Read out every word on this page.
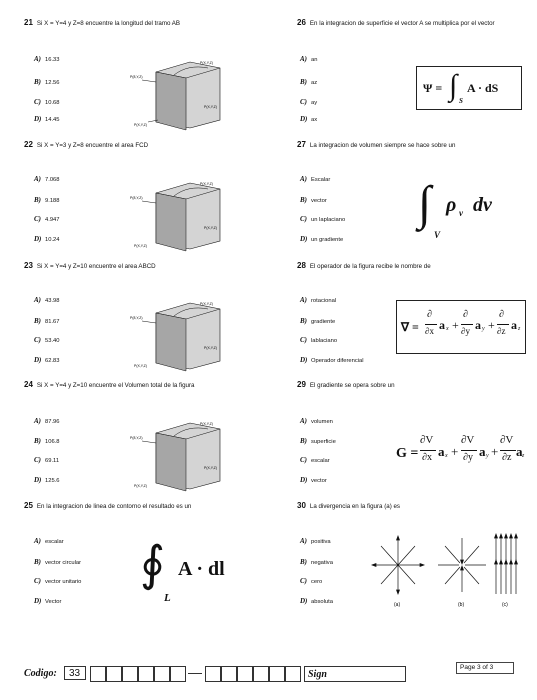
21 Si X = Y=4 y Z=8 encuentre la longitud del tramo AB
A) 16.33
B) 12.56
C) 10.68
D) 14.45
22 Si X = Y=3 y Z=8 encuentre el area FCD
A) 7.068
B) 9.188
C) 4.947
D) 10.24
23 Si X = Y=4 y Z=10 encuentre el area ABCD
A) 43.98
B) 81.67
C) 53.40
D) 62.83
24 Si X = Y=4 y Z=10 encuentre el Volumen total de la figura
A) 87.96
B) 106.8
C) 69.11
D) 125.6
25 En la integracion de linea de contorno el resultado es un
A) escalar
B) vector circular
C) vector unitario
D) Vector
P(8,Y,Z)
P(X,Y,Z)
P(X,Y,Z)
P(X,Y,Z)
P(8,Y,Z)
P(X,Y,Z)
P(X,Y,Z)
P(X,Y,Z)
P(8,Y,Z)
P(X,Y,Z)
P(X,Y,Z)
P(X,Y,Z)
P(8,Y,Z)
P(X,Y,Z)
P(X,Y,Z)
P(X,Y,Z)
∮ A · dl
L
26 En la integracion de superficie el vector A se multiplica por el vector
A) an
B) az
C) ay
D) ax
Ψ = ∫ S
A · dS
27 La integracion de volumen siempre se hace sobre un
A) Escalar
B) vector
C) un laplaciano
D) un gradiente
∫ ρ v dv
V
28 El operador de la figura recibe le nombre de
A) rotacional
B) gradiente
C) lablaciano
D) Operador diferencial
∇ =
∂
∂x a x +
∂
∂y a y +
∂
∂z a z
29 El gradiente se opera sobre un
A) volumen
B) superficie
C) escalar
D) vector
G =
∂V
∂x a x +
∂V
∂y a y +
∂V
∂z a z
30 La divergencia en la figura (a) es
A) positiva
B) negativa
C) cero
D) absoluta	(a)	(b)	(c)
Codigo:	33	Sign
Page 3 of 3
